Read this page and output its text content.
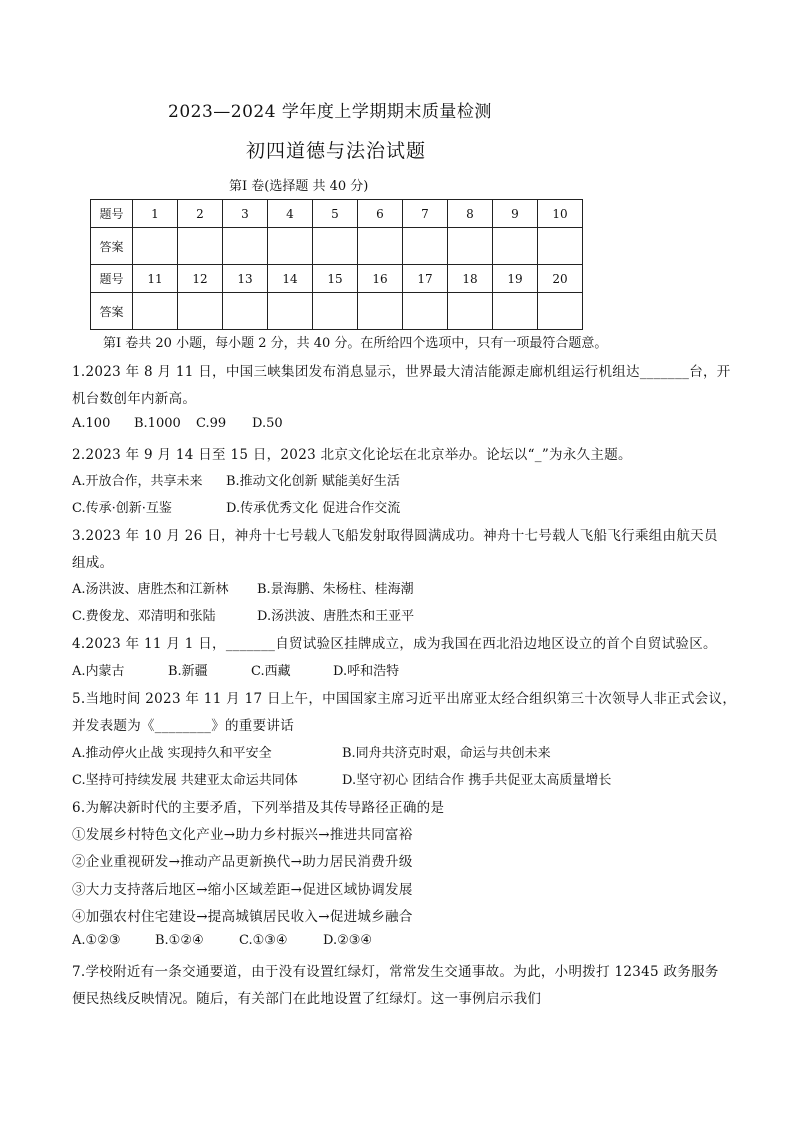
2023—2024 学年度上学期期末质量检测
初四道德与法治试题
第Ⅰ 卷(选择题 共 40 分)
题号	1	2	3	4	5	6	7	8	9	10
答案										
题号	11	12	13	14	15	16	17	18	19	20
答案										
第Ⅰ 卷共 20 小题，每小题 2 分，共 40 分。在所给四个选项中，只有一项最符合题意。
1.2023 年 8 月 11 日，中国三峡集团发布消息显示，世界最大清洁能源走廊机组运行机组达_______台，开
机台数创年内新高。
A.100 B.1000 C.99 D.50
2.2023 年 9 月 14 日至 15 日，2023 北京文化论坛在北京举办。论坛以“_”为永久主题。
A.开放合作，共享未来 B.推动文化创新 赋能美好生活
C.传承·创新·互鉴	D.传承优秀文化 促进合作交流
3.2023 年 10 月 26 日，神舟十七号载人飞船发射取得圆满成功。神舟十七号载人飞船飞行乘组由航天员
组成。
A.汤洪波、唐胜杰和江新林 B.景海鹏、朱杨柱、桂海潮
C.费俊龙、邓清明和张陆	D.汤洪波、唐胜杰和王亚平
4.2023 年 11 月 1 日，_______自贸试验区挂牌成立，成为我国在西北沿边地区设立的首个自贸试验区。
A.内蒙古	B.新疆	C.西藏	D.呼和浩特
5.当地时间 2023 年 11 月 17 日上午，中国国家主席习近平出席亚太经合组织第三十次领导人非正式会议，
并发表题为《________》的重要讲话
A.推动停火止战 实现持久和平安全	B.同舟共济克时艰，命运与共创未来
C.坚持可持续发展 共建亚太命运共同体	D.坚守初心 团结合作 携手共促亚太高质量增长
6.为解决新时代的主要矛盾，下列举措及其传导路径正确的是
①发展乡村特色文化产业→助力乡村振兴→推进共同富裕
②企业重视研发→推动产品更新换代→助力居民消费升级
③大力支持落后地区→缩小区域差距→促进区域协调发展
④加强农村住宅建设→提高城镇居民收入→促进城乡融合
A.①②③	B.①②④	C.①③④	D.②③④
7.学校附近有一条交通要道，由于没有设置红绿灯，常常发生交通事故。为此，小明拨打 12345 政务服务
便民热线反映情况。随后，有关部门在此地设置了红绿灯。这一事例启示我们
